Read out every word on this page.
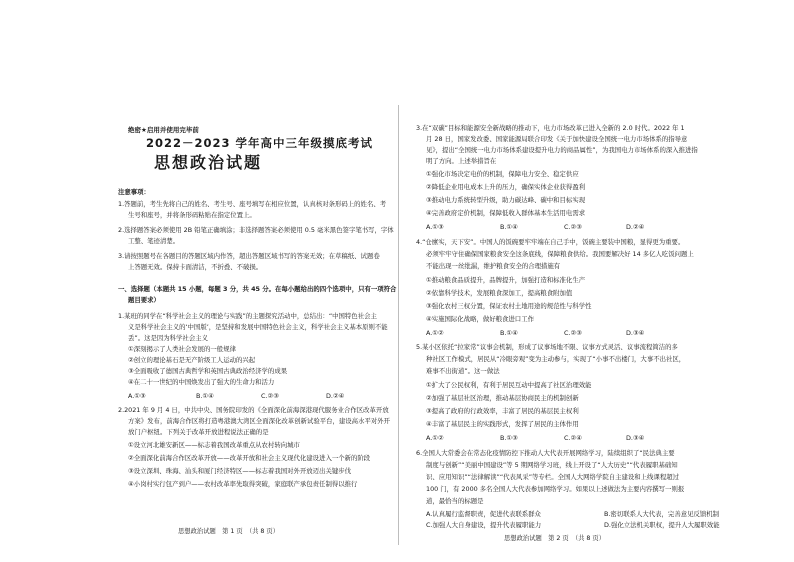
绝密★启用并使用完毕前
2022－2023 学年高中三年级摸底考试
思想政治试题
注意事项：
1.答题前，考生先将自己的姓名、考生号、座号填写在相应位置，认真核对条形码上的姓名、考
生号和座号，并将条形码粘贴在指定位置上。
2.选择题答案必须使用 2B 铅笔正确填涂；非选择题答案必须使用 0.5 毫米黑色签字笔书写，字体
工整、笔迹清楚。
3.请按照题号在各题目的答题区域内作答，超出答题区域书写的答案无效；在草稿纸、试题卷
上答题无效。保持卡面清洁，不折叠、不破损。
一、选择题（本题共 15 小题，每题 3 分，共 45 分。在每小题给出的四个选项中，只有一项符合
题目要求）
1.某班的同学在“科学社会主义的理论与实践”的主题探究活动中，总结出：“中国特色社会主
义是科学社会主义的‘中国版’，是坚持和发展中国特色社会主义，科学社会主义基本原则不能
丢”。这是因为科学社会主义
①深刻揭示了人类社会发展的一般规律
②创立的理论基石是无产阶级工人运动的兴起
③全面吸收了德国古典哲学和英国古典政治经济学的成果
④在二十一世纪的中国焕发出了强大的生命力和活力
A.①③	B.①④	C.②③	D.②④
2.2021 年 9 月 4 日，中共中央、国务院印发的《全面深化前海深港现代服务业合作区改革开放
方案》发布，前海合作区将打造粤港澳大湾区全面深化改革创新试验平台，建设高水平对外开
放门户枢纽。下列关于改革开放进程说法正确的是
①设立河北雄安新区——标志着我国改革重点从农村转向城市
②全面深化前海合作区改革开放——改革开放和社会主义现代化建设进入一个新的阶段
③设立深圳、珠海、汕头和厦门经济特区——标志着我国对外开放迈出关键步伐
④小岗村实行包产到户——农村改革率先取得突破，家庭联产承包责任制得以推行
思想政治试题　第 1 页　（共 8 页）
3.在“双碳”目标和能源安全新战略的推动下，电力市场改革已进入全新的 2.0 时代。2022 年 1
月 28 日，国家发改委、国家能源局联合印发《关于加快建设全国统一电力市场体系的指导意
见》，提出“全国统一电力市场体系建设提升电力的商品属性”，为我国电力市场体系的深入推进指
明了方向。上述举措旨在
①强化市场决定电价的机制，保障电力安全、稳定供应
②降低企业用电成本上升的压力，确保实体企业获得盈利
③推动电力系统转型升级，助力碳达峰、碳中和目标实现
④完善政府定价机制，保障低收入群体基本生活用电需求
A.①③	B.①④	C.②③	D.②④
4.“仓廪实，天下安”。中国人的饭碗要牢牢端在自己手中，饭碗主要装中国粮，显得更为重要。
必须牢牢守住确保国家粮食安全这条底线，保障粮食供给。我国要解决好 14 多亿人吃饭问题上
不能出现一丝纰漏，维护粮食安全的合理措施有
①推动粮食品质提升，品牌提升，加强打造和标准化生产
②依靠科学技术，发展粮食深加工，提高粮食附加值
③强化农村三权分置，保证农村土地用途的规范性与科学性
④实施国际化战略，做好粮食进口工作
A.①②	B.①④	C.②③	D.③④
5.某小区依托“拉家常”议事会机制，形成了议事场地不限、议事方式灵活、议事流程简洁的多
种社区工作模式，居民从“冷眼旁观”变为主动参与，实现了“小事不出楼门，大事不出社区，
难事不出街道”。这一做法
①扩大了公民权利，有利于居民互动中提高了社区治理效能
②加强了基层社区治理，推动基层协商民主的机制创新
③提高了政府的行政效率，丰富了居民的基层民主权利
④丰富了基层民主的实践形式，发挥了居民的主体作用
A.①②	B.①③	C.②④	D.③④
6.全国人大常委会在常态化疫情防控下推动人大代表开展网络学习，陆续组织了“民法典主要
制度与创新”“美丽中国建设”等 5 期网络学习班，线上开设了“人大历史”“代表履职基础知
识、应用知识”“法律解读”“代表风采”等专栏。全国人大网络学院自主建设和上线课程超过
100 门，有 2000 多名全国人大代表参加网络学习。如果以上述做法为主要内容撰写一则报
道，最恰当的标题是
A.认真履行监督职责，促进代表联系群众	B.密切联系人大代表，完善意见反馈机制
C.加强人大自身建设，提升代表履职能力	D.强化立法机关职权，提升人大履职效能
思想政治试题　第 2 页　（共 8 页）
